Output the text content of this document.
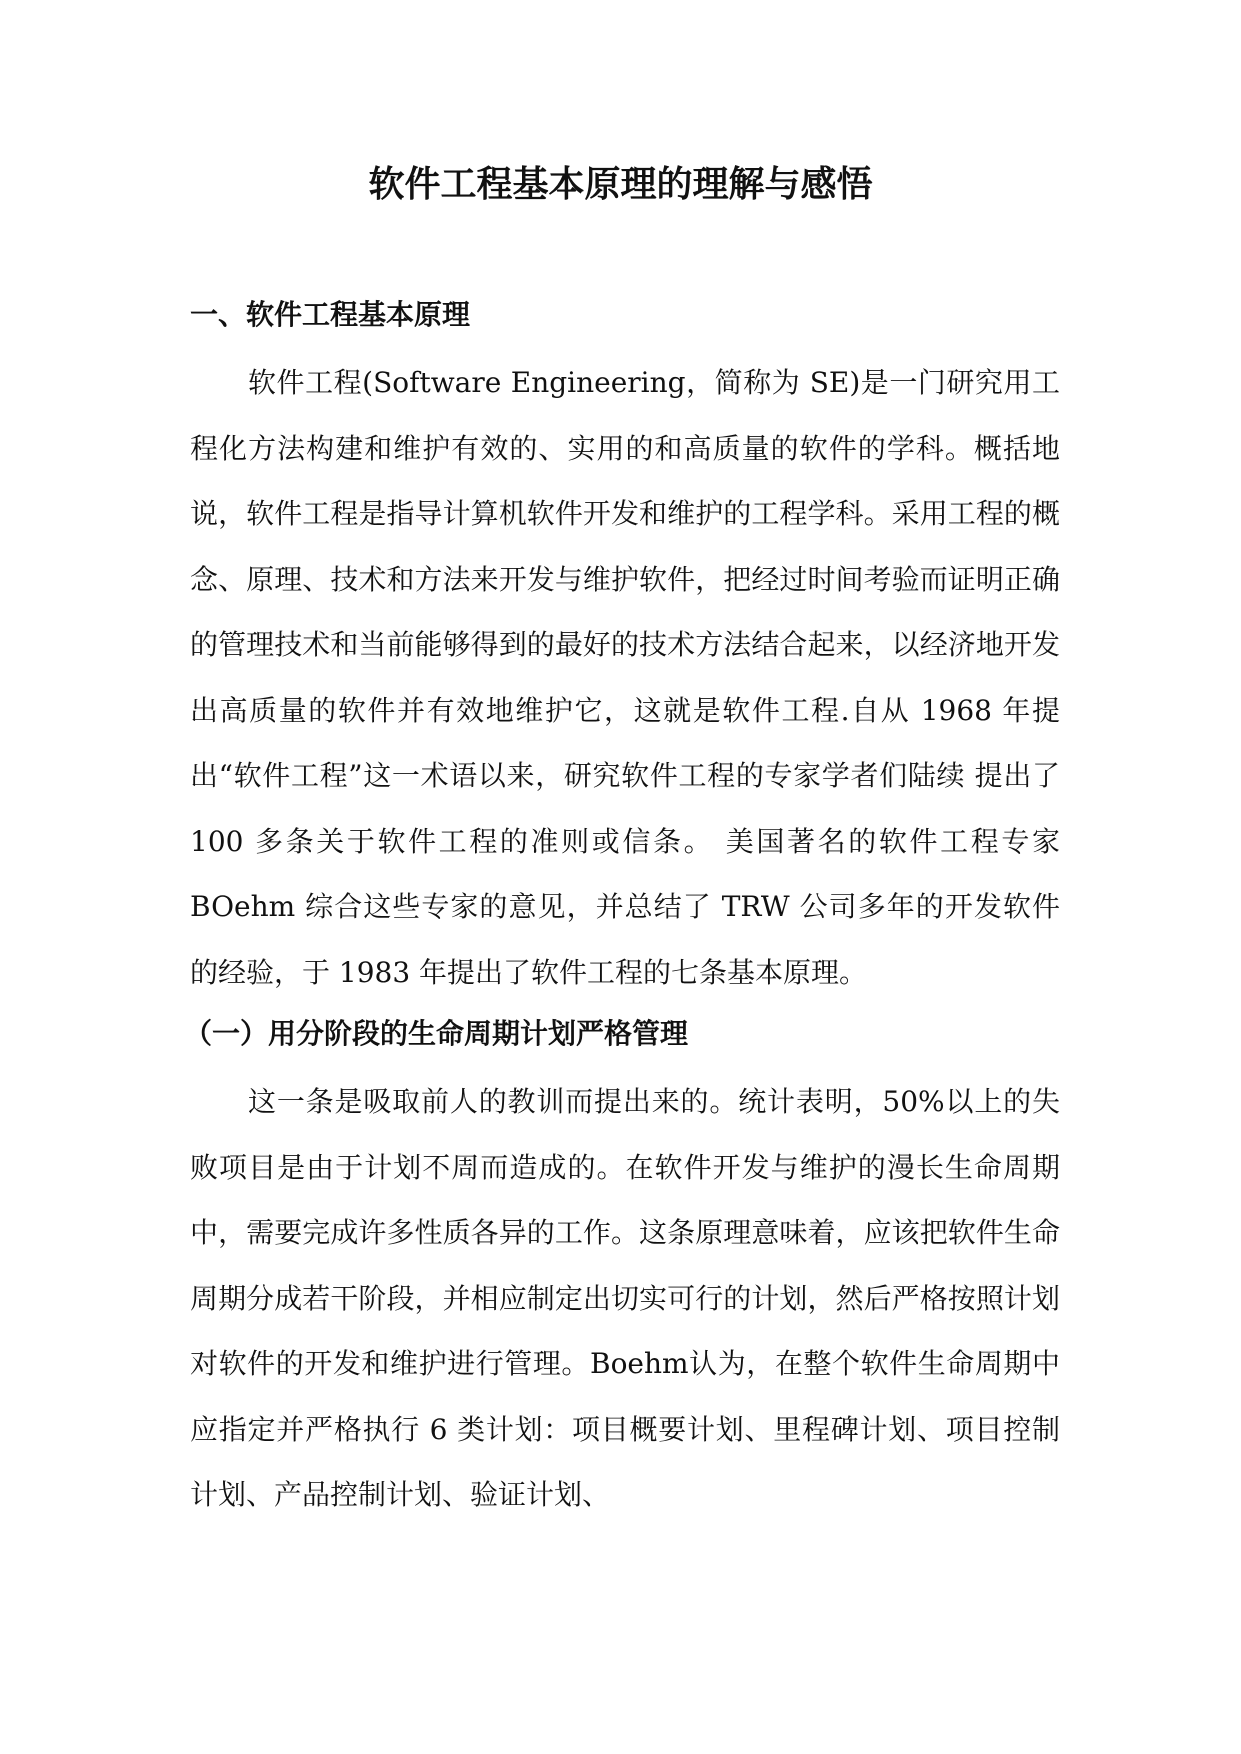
软件工程基本原理的理解与感悟
一、软件工程基本原理

软件工程(Software Engineering，简称为 SE)是一门研究用工程化方法构建和维护有效的、实用的和高质量的软件的学科。概括地说，软件工程是指导计算机软件开发和维护的工程学科。采用工程的概念、原理、技术和方法来开发与维护软件，把经过时间考验而证明正确的管理技术和当前能够得到的最好的技术方法结合起来，以经济地开发出高质量的软件并有效地维护它，这就是软件工程.自从 1968 年提出“软件工程”这一术语以来，研究软件工程的专家学者们陆续 提出了 100 多条关于软件工程的准则或信条。 美国著名的软件工程专家 BOehm 综合这些专家的意见，并总结了 TRW 公司多年的开发软件的经验，于 1983 年提出了软件工程的七条基本原理。

（一）用分阶段的生命周期计划严格管理

这一条是吸取前人的教训而提出来的。统计表明，50%以上的失败项目是由于计划不周而造成的。在软件开发与维护的漫长生命周期中，需要完成许多性质各异的工作。这条原理意味着，应该把软件生命周期分成若干阶段，并相应制定出切实可行的计划，然后严格按照计划对软件的开发和维护进行管理。Boehm认为，在整个软件生命周期中应指定并严格执行 6 类计划：项目概要计划、里程碑计划、项目控制计划、产品控制计划、验证计划、
